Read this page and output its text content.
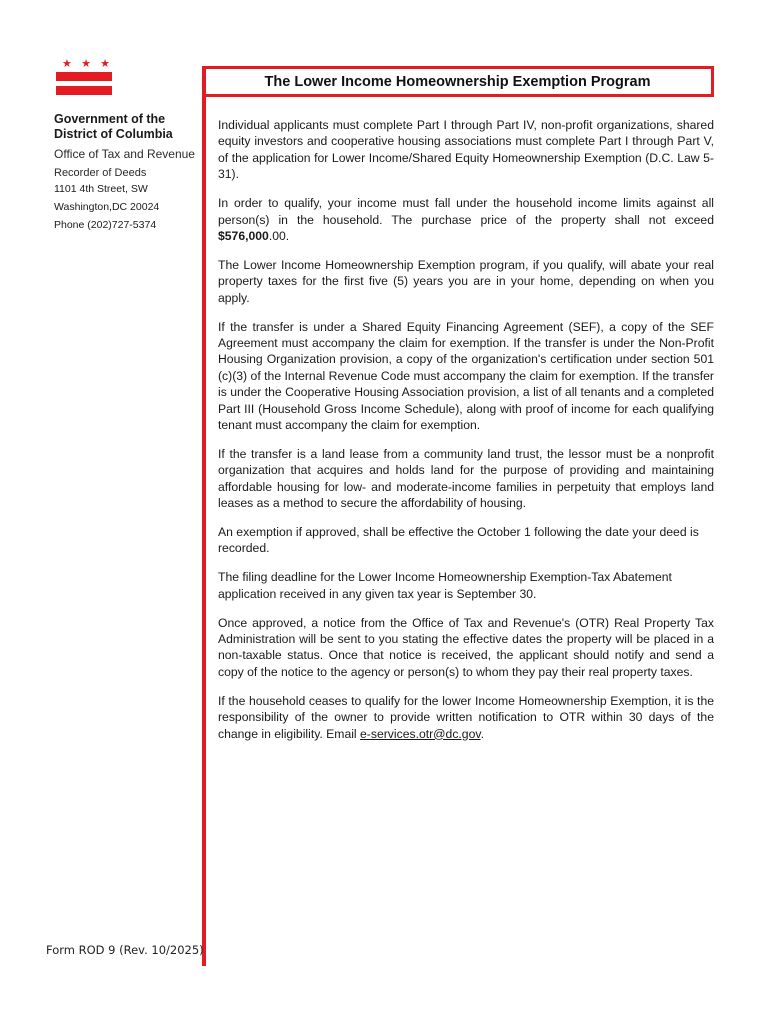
★ ★ ★
Government of the District of Columbia
Office of Tax and Revenue
Recorder of Deeds
1101 4th Street, SW
Washington,DC 20024
Phone (202)727-5374
The Lower Income Homeownership Exemption Program

Individual applicants must complete Part I through Part IV, non-profit organizations, shared equity investors and cooperative housing associations must complete Part I through Part V, of the application for Lower Income/Shared Equity Homeownership Exemption (D.C. Law 5-31).

In order to qualify, your income must fall under the household income limits against all person(s) in the household. The purchase price of the property shall not exceed $576,000.00.

The Lower Income Homeownership Exemption program, if you qualify, will abate your real property taxes for the first five (5) years you are in your home, depending on when you apply.

If the transfer is under a Shared Equity Financing Agreement (SEF), a copy of the SEF Agreement must accompany the claim for exemption. If the transfer is under the Non-Profit Housing Organization provision, a copy of the organization's certification under section 501 (c)(3) of the Internal Revenue Code must accompany the claim for exemption. If the transfer is under the Cooperative Housing Association provision, a list of all tenants and a completed Part III (Household Gross Income Schedule), along with proof of income for each qualifying tenant must accompany the claim for exemption.

If the transfer is a land lease from a community land trust, the lessor must be a nonprofit organization that acquires and holds land for the purpose of providing and maintaining affordable housing for low- and moderate-income families in perpetuity that employs land leases as a method to secure the affordability of housing.

An exemption if approved, shall be effective the October 1 following the date your deed is recorded.

The filing deadline for the Lower Income Homeownership Exemption-Tax Abatement application received in any given tax year is September 30.

Once approved, a notice from the Office of Tax and Revenue's (OTR) Real Property Tax Administration will be sent to you stating the effective dates the property will be placed in a non-taxable status. Once that notice is received, the applicant should notify and send a copy of the notice to the agency or person(s) to whom they pay their real property taxes.

If the household ceases to qualify for the lower Income Homeownership Exemption, it is the responsibility of the owner to provide written notification to OTR within 30 days of the change in eligibility. Email e-services.otr@dc.gov.

Form ROD 9 (Rev. 10/2025)
